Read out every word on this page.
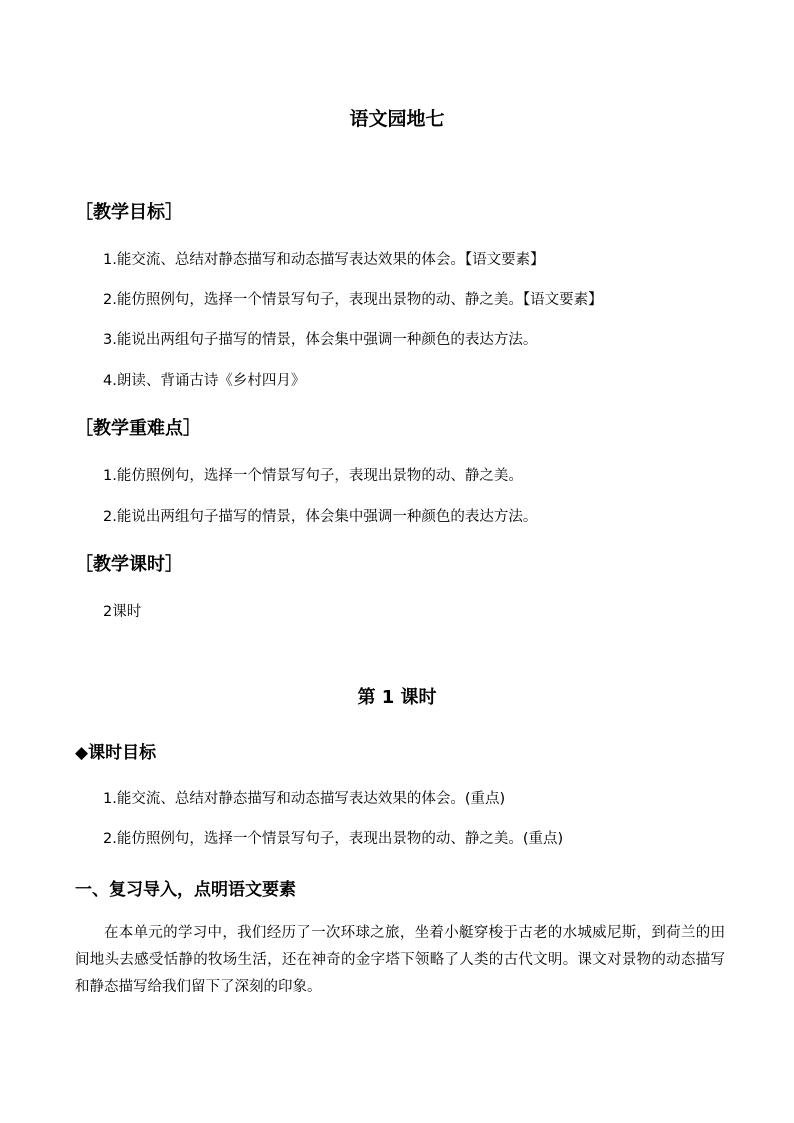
语文园地七
［教学目标］
1.能交流、总结对静态描写和动态描写表达效果的体会。【语文要素】
2.能仿照例句，选择一个情景写句子，表现出景物的动、静之美。【语文要素】
3.能说出两组句子描写的情景，体会集中强调一种颜色的表达方法。
4.朗读、背诵古诗《乡村四月》
［教学重难点］
1.能仿照例句，选择一个情景写句子，表现出景物的动、静之美。
2.能说出两组句子描写的情景，体会集中强调一种颜色的表达方法。
［教学课时］
2课时
第 1 课时
◆课时目标
1.能交流、总结对静态描写和动态描写表达效果的体会。(重点)
2.能仿照例句，选择一个情景写句子，表现出景物的动、静之美。(重点)
一、复习导入，点明语文要素
在本单元的学习中，我们经历了一次环球之旅，坐着小艇穿梭于古老的水城威尼斯，到荷兰的田间地头去感受恬静的牧场生活，还在神奇的金字塔下领略了人类的古代文明。课文对景物的动态描写和静态描写给我们留下了深刻的印象。
